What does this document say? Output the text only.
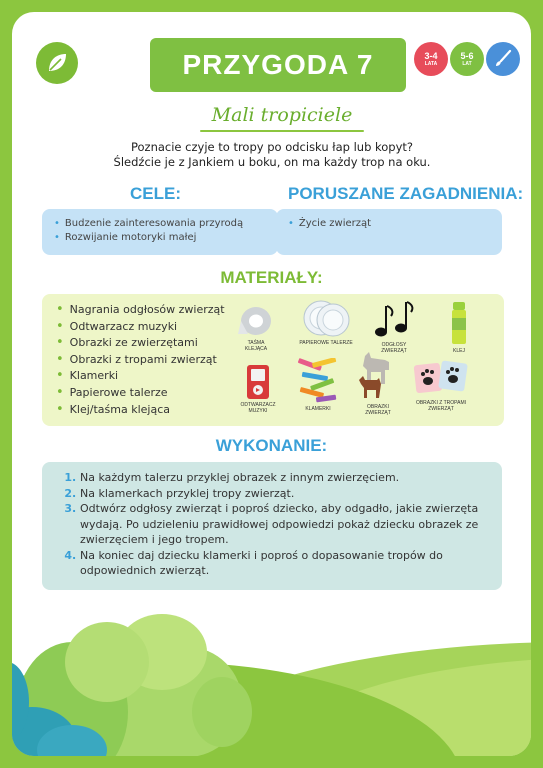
PRZYGODA 7	3-4
LATA
5-6
LAT
Mali tropiciele
Poznacie czyje to tropy po odcisku łap lub kopyt?
Śledźcie je z Jankiem u boku, on ma każdy trop na oku.
CELE:	PORUSZANE ZAGADNIENIA:
• Budzenie zainteresowania przyrodą
• Rozwijanie motoryki małej
• Życie zwierząt
MATERIAŁY:
• Nagrania odgłosów zwierząt
• Odtwarzacz muzyki
• Obrazki ze zwierzętami
• Obrazki z tropami zwierząt
• Klamerki
• Papierowe talerze
• Klej/taśma klejąca
TAŚMA KLEJĄCA
PAPIEROWE TALERZE	ODGŁOSY ZWIERZĄT	KLEJ
ODTWARZACZ MUZYKI	KLAMERKI	OBRAZKI ZWIERZĄT
OBRAZKI Z TROPAMI ZWIERZĄT
WYKONANIE:
1. Na każdym talerzu przyklej obrazek z innym zwierzęciem.
2. Na klamerkach przyklej tropy zwierząt.
3. Odtwórz odgłosy zwierząt i poproś dziecko, aby odgadło, jakie zwierzęta wydają. Po udzieleniu prawidłowej odpowiedzi pokaż dziecku obrazek ze zwierzęciem i jego tropem.
4. Na koniec daj dziecku klamerki i poproś o dopasowanie tropów do odpowiednich zwierząt.
